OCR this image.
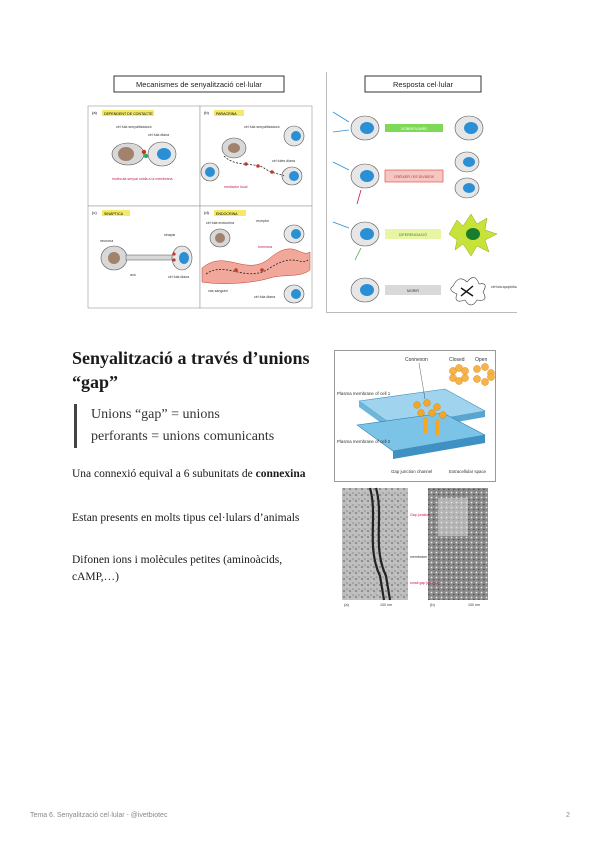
Mecanismes de senyalització cel·lular
(a) DEPENDENT DE CONTACTE
cèl·lula senyalitzadora
cèl·lula diana
molècula senyal unida a la membrana
(b) PARACRINA
cèl·lula senyalitzadora
cèl·lules diana
mediador local
(c) SINÀPTICA
neurona
sinapsi
axó	cèl·lula diana
(d) ENDOCRINA
cèl·lula endocrina	receptor
hormona
cèl·lula diana
vas sanguini
Resposta cel·lular
SOBREVIURE
CRÉIXER I ES DIVIDEIX
DIFERENCIACIÓ
MORIR
cèl·lula apoptòtica
Senyalització a través d’unions “gap”
Unions “gap” = unions
perforants = unions comunicants
Una connexió equival a 6 subunitats de connexina
Estan presents en molts tipus cel·lulars d’animals
Difonen ions i molècules petites (aminoàcids, cAMP,…)
Connexon	Closed Open
Plasma membrane of cell 1
Plasma membrane of cell 2
Gap junction channel	Extracellular space
(a)	(b)
Gap junction
membrane
small gap junction
100 nm	100 nm
Tema 6. Senyalització cel·lular - @ivetbiotec	2
